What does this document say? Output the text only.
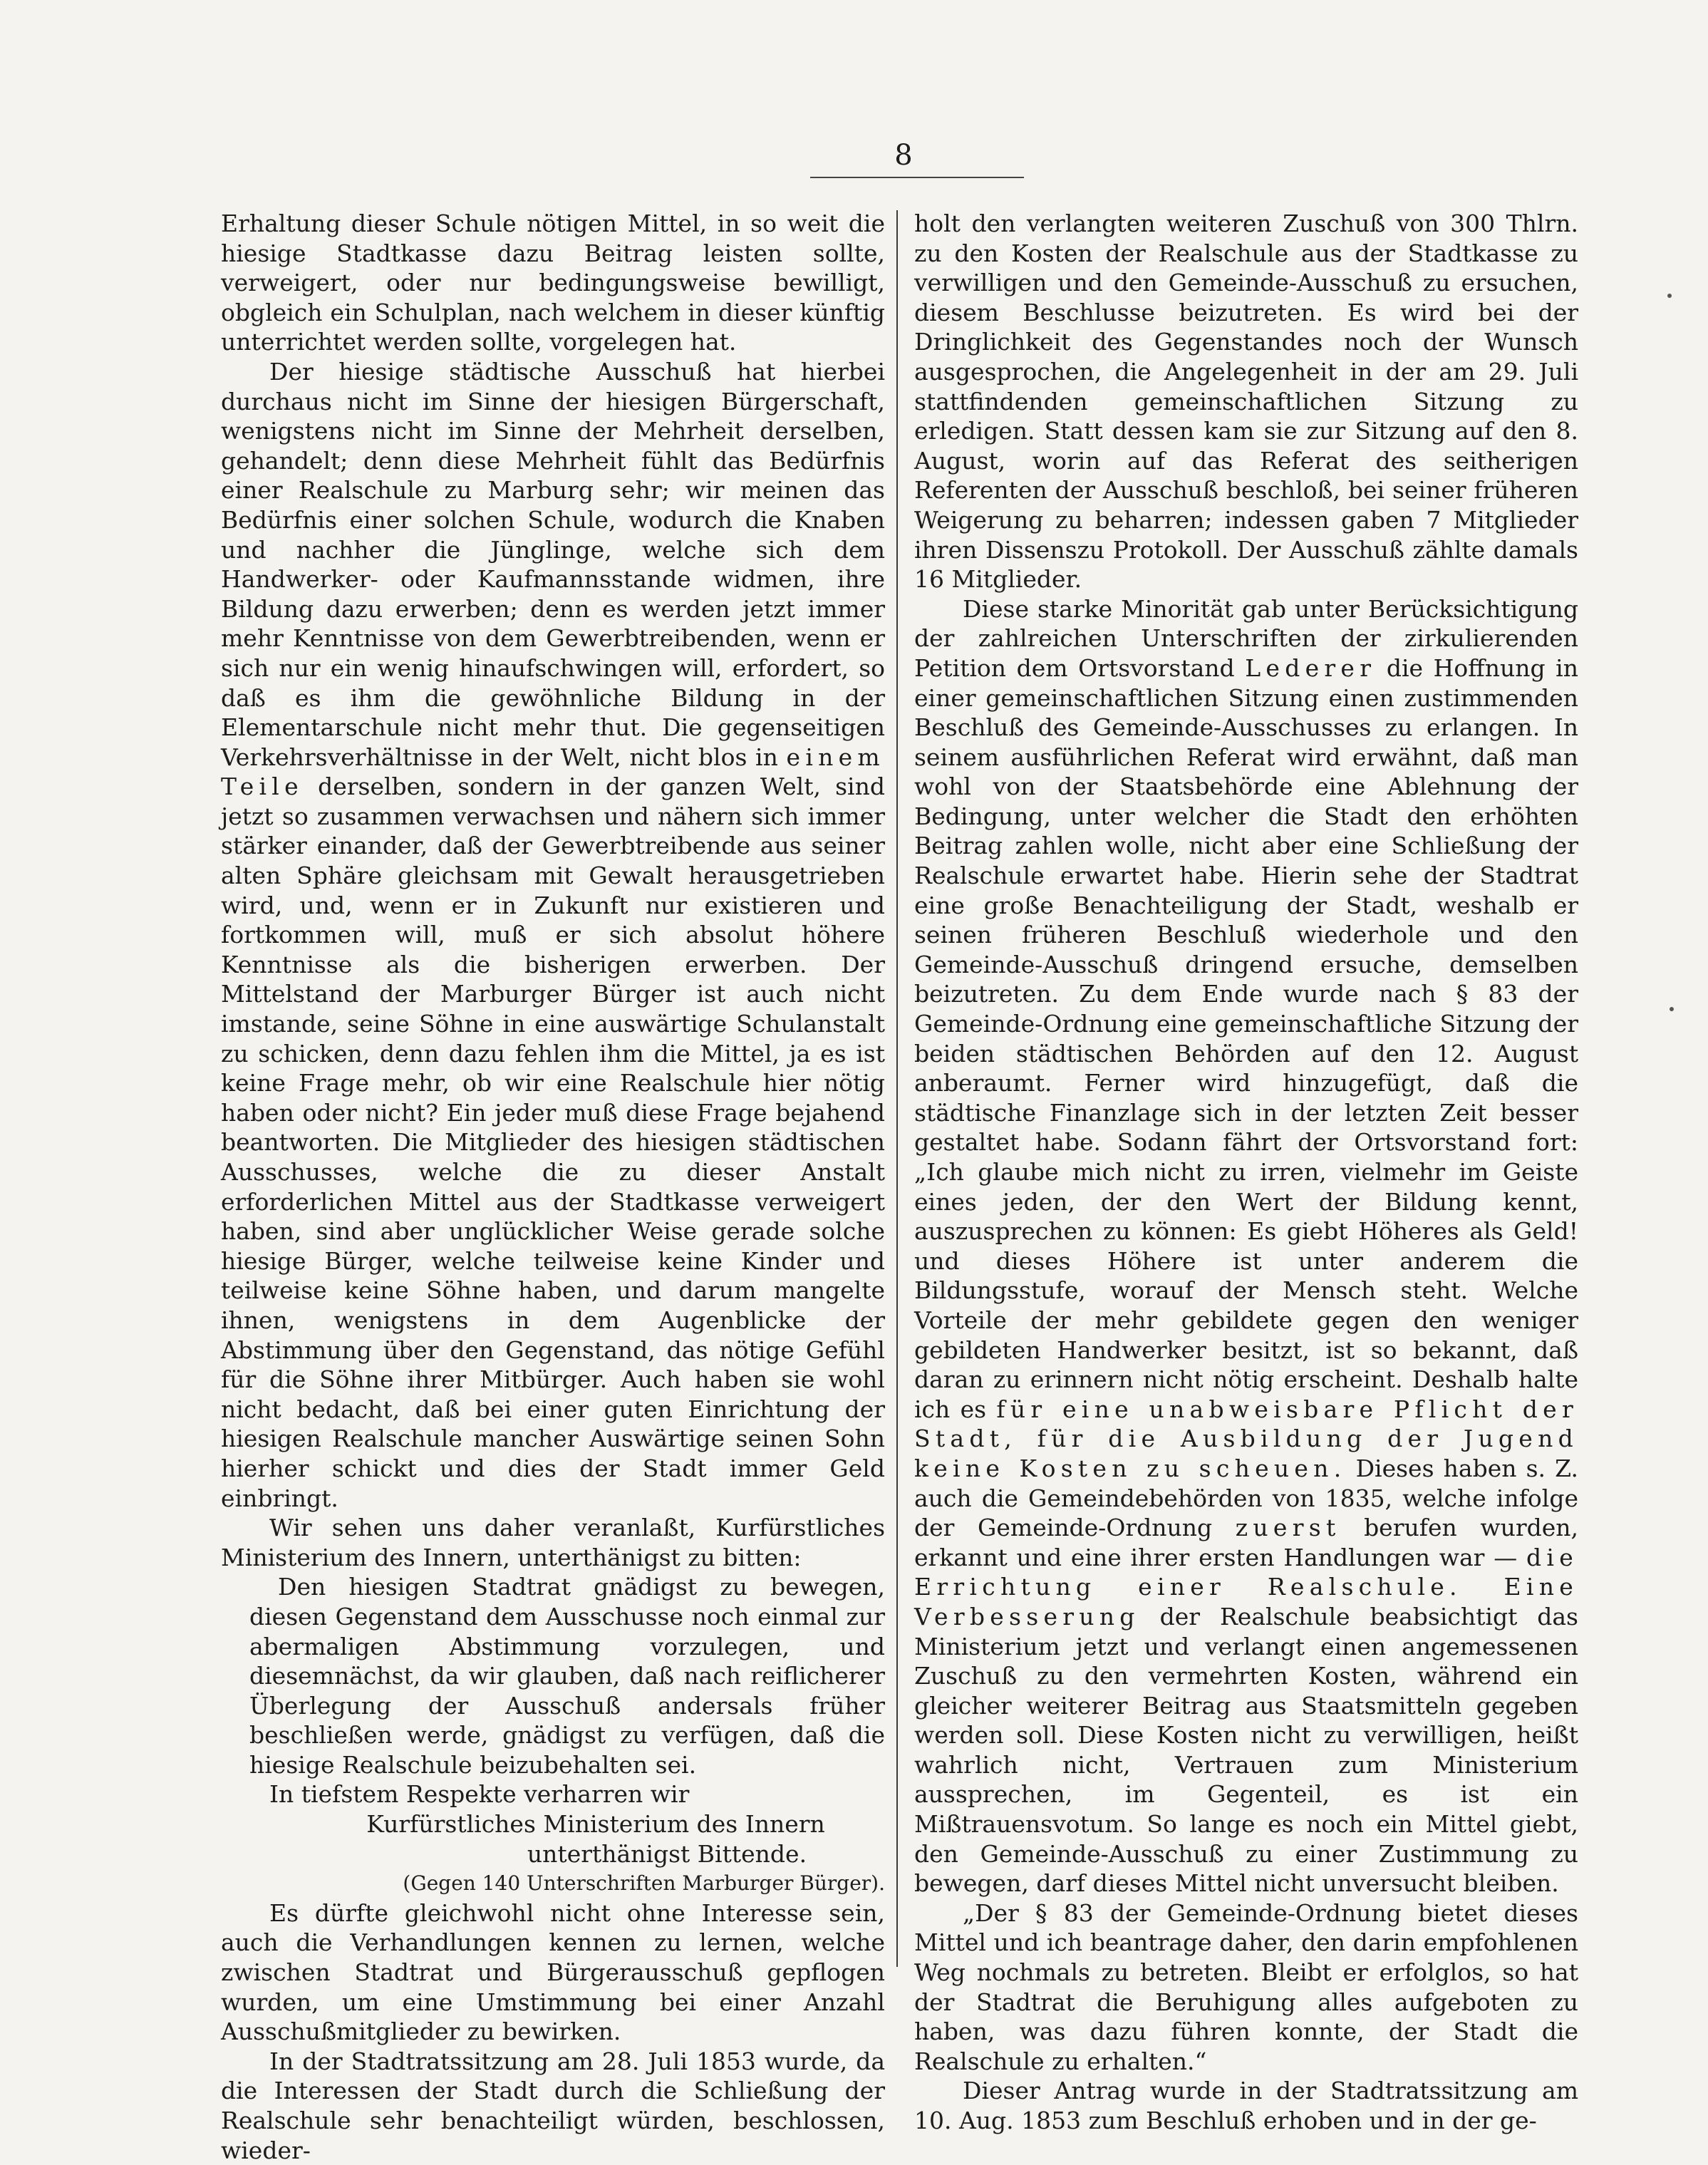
8

Erhaltung dieser Schule nötigen Mittel, in so weit die hiesige Stadtkasse dazu Beitrag leisten sollte, verweigert, oder nur bedingungsweise bewilligt, obgleich ein Schulplan, nach welchem in dieser künftig unterrichtet werden sollte, vorgelegen hat.

Der hiesige städtische Ausschuß hat hierbei durchaus nicht im Sinne der hiesigen Bürgerschaft, wenigstens nicht im Sinne der Mehrheit derselben, gehandelt; denn diese Mehrheit fühlt das Bedürfnis einer Realschule zu Marburg sehr; wir meinen das Bedürfnis einer solchen Schule, wodurch die Knaben und nachher die Jünglinge, welche sich dem Handwerker- oder Kaufmannsstande widmen, ihre Bildung dazu erwerben; denn es werden jetzt immer mehr Kenntnisse von dem Gewerbtreibenden, wenn er sich nur ein wenig hinaufschwingen will, erfordert, so daß es ihm die gewöhnliche Bildung in der Elementarschule nicht mehr thut. Die gegenseitigen Verkehrsverhältnisse in der Welt, nicht blos in einem Teile derselben, sondern in der ganzen Welt, sind jetzt so zusammen verwachsen und nähern sich immer stärker einander, daß der Gewerbtreibende aus seiner alten Sphäre gleichsam mit Gewalt herausgetrieben wird, und, wenn er in Zukunft nur existieren und fortkommen will, muß er sich absolut höhere Kenntnisse als die bisherigen erwerben. Der Mittelstand der Marburger Bürger ist auch nicht imstande, seine Söhne in eine auswärtige Schulanstalt zu schicken, denn dazu fehlen ihm die Mittel, ja es ist keine Frage mehr, ob wir eine Realschule hier nötig haben oder nicht? Ein jeder muß diese Frage bejahend beantworten. Die Mitglieder des hiesigen städtischen Ausschusses, welche die zu dieser Anstalt erforderlichen Mittel aus der Stadtkasse verweigert haben, sind aber unglücklicher Weise gerade solche hiesige Bürger, welche teilweise keine Kinder und teilweise keine Söhne haben, und darum mangelte ihnen, wenigstens in dem Augenblicke der Abstimmung über den Gegenstand, das nötige Gefühl für die Söhne ihrer Mitbürger. Auch haben sie wohl nicht bedacht, daß bei einer guten Einrichtung der hiesigen Realschule mancher Auswärtige seinen Sohn hierher schickt und dies der Stadt immer Geld einbringt.

Wir sehen uns daher veranlaßt, Kurfürstliches Ministerium des Innern, unterthänigst zu bitten:

Den hiesigen Stadtrat gnädigst zu bewegen, diesen Gegenstand dem Ausschusse noch einmal zur abermaligen Abstimmung vorzulegen, und diesemnächst, da wir glauben, daß nach reiflicherer Überlegung der Ausschuß andersals früher beschließen werde, gnädigst zu verfügen, daß die hiesige Realschule beizubehalten sei.

In tiefstem Respekte verharren wir

Kurfürstliches Ministerium des Innern

unterthänigst Bittende.

(Gegen 140 Unterschriften Marburger Bürger).

Es dürfte gleichwohl nicht ohne Interesse sein, auch die Verhandlungen kennen zu lernen, welche zwischen Stadtrat und Bürgerausschuß gepflogen wurden, um eine Umstimmung bei einer Anzahl Ausschußmitglieder zu bewirken.

In der Stadtratssitzung am 28. Juli 1853 wurde, da die Interessen der Stadt durch die Schließung der Realschule sehr benachteiligt würden, beschlossen, wieder-

holt den verlangten weiteren Zuschuß von 300 Thlrn. zu den Kosten der Realschule aus der Stadtkasse zu verwilligen und den Gemeinde-Ausschuß zu ersuchen, diesem Beschlusse beizutreten. Es wird bei der Dringlichkeit des Gegenstandes noch der Wunsch ausgesprochen, die Angelegenheit in der am 29. Juli stattfindenden gemeinschaftlichen Sitzung zu erledigen. Statt dessen kam sie zur Sitzung auf den 8. August, worin auf das Referat des seitherigen Referenten der Ausschuß beschloß, bei seiner früheren Weigerung zu beharren; indessen gaben 7 Mitglieder ihren Dissenszu Protokoll. Der Ausschuß zählte damals 16 Mitglieder.

Diese starke Minorität gab unter Berücksichtigung der zahlreichen Unterschriften der zirkulierenden Petition dem Ortsvorstand Lederer die Hoffnung in einer gemeinschaftlichen Sitzung einen zustimmenden Beschluß des Gemeinde-Ausschusses zu erlangen. In seinem ausführlichen Referat wird erwähnt, daß man wohl von der Staatsbehörde eine Ablehnung der Bedingung, unter welcher die Stadt den erhöhten Beitrag zahlen wolle, nicht aber eine Schließung der Realschule erwartet habe. Hierin sehe der Stadtrat eine große Benachteiligung der Stadt, weshalb er seinen früheren Beschluß wiederhole und den Gemeinde-Ausschuß dringend ersuche, demselben beizutreten. Zu dem Ende wurde nach § 83 der Gemeinde-Ordnung eine gemeinschaftliche Sitzung der beiden städtischen Behörden auf den 12. August anberaumt. Ferner wird hinzugefügt, daß die städtische Finanzlage sich in der letzten Zeit besser gestaltet habe. Sodann fährt der Ortsvorstand fort: „Ich glaube mich nicht zu irren, vielmehr im Geiste eines jeden, der den Wert der Bildung kennt, auszusprechen zu können: Es giebt Höheres als Geld! und dieses Höhere ist unter anderem die Bildungsstufe, worauf der Mensch steht. Welche Vorteile der mehr gebildete gegen den weniger gebildeten Handwerker besitzt, ist so bekannt, daß daran zu erinnern nicht nötig erscheint. Deshalb halte ich es für eine unabweisbare Pflicht der Stadt, für die Ausbildung der Jugend keine Kosten zu scheuen. Dieses haben s. Z. auch die Gemeindebehörden von 1835, welche infolge der Gemeinde-Ordnung zuerst berufen wurden, erkannt und eine ihrer ersten Handlungen war — die Errichtung einer Realschule. Eine Verbesserung der Realschule beabsichtigt das Ministerium jetzt und verlangt einen angemessenen Zuschuß zu den vermehrten Kosten, während ein gleicher weiterer Beitrag aus Staatsmitteln gegeben werden soll. Diese Kosten nicht zu verwilligen, heißt wahrlich nicht, Vertrauen zum Ministerium aussprechen, im Gegenteil, es ist ein Mißtrauensvotum. So lange es noch ein Mittel giebt, den Gemeinde-Ausschuß zu einer Zustimmung zu bewegen, darf dieses Mittel nicht unversucht bleiben.

„Der § 83 der Gemeinde-Ordnung bietet dieses Mittel und ich beantrage daher, den darin empfohlenen Weg nochmals zu betreten. Bleibt er erfolglos, so hat der Stadtrat die Beruhigung alles aufgeboten zu haben, was dazu führen konnte, der Stadt die Realschule zu erhalten.“

Dieser Antrag wurde in der Stadtratssitzung am 10. Aug. 1853 zum Beschluß erhoben und in der ge-
